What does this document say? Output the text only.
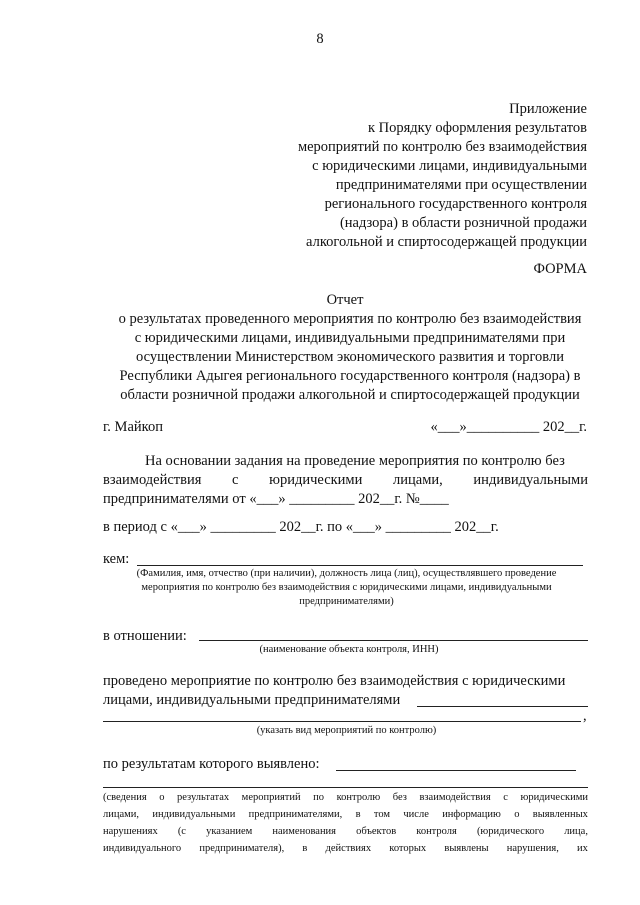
8
Приложение
к Порядку оформления результатов
мероприятий по контролю без взаимодействия
с юридическими лицами, индивидуальными
предпринимателями при осуществлении
регионального государственного контроля
(надзора) в области розничной продажи
алкогольной и спиртосодержащей продукции
ФОРМА
Отчет
о результатах проведенного мероприятия по контролю без взаимодействия
с юридическими лицами, индивидуальными предпринимателями при
осуществлении Министерством экономического развития и торговли
Республики Адыгея регионального государственного контроля (надзора) в
области розничной продажи алкогольной и спиртосодержащей продукции
г. Майкоп	«___»__________ 202__г.
На основании задания на проведение мероприятия по контролю без
взаимодействия с юридическими лицами, индивидуальными
предпринимателями от «___» _________ 202__г. №____
в период с «___» _________ 202__г. по «___» _________ 202__г.
кем:
(Фамилия, имя, отчество (при наличии), должность лица (лиц), осуществлявшего проведение
мероприятия по контролю без взаимодействия с юридическими лицами, индивидуальными
предпринимателями)
в отношении:
(наименование объекта контроля, ИНН)
проведено мероприятие по контролю без взаимодействия с юридическими
лицами, индивидуальными предпринимателями
,
(указать вид мероприятий по контролю)
по результатам которого выявлено:
(сведения о результатах мероприятий по контролю без взаимодействия с юридическими
лицами, индивидуальными предпринимателями, в том числе информацию о выявленных
нарушениях (с указанием наименования объектов контроля (юридического лица,
индивидуального предпринимателя), в действиях которых выявлены нарушения, их
